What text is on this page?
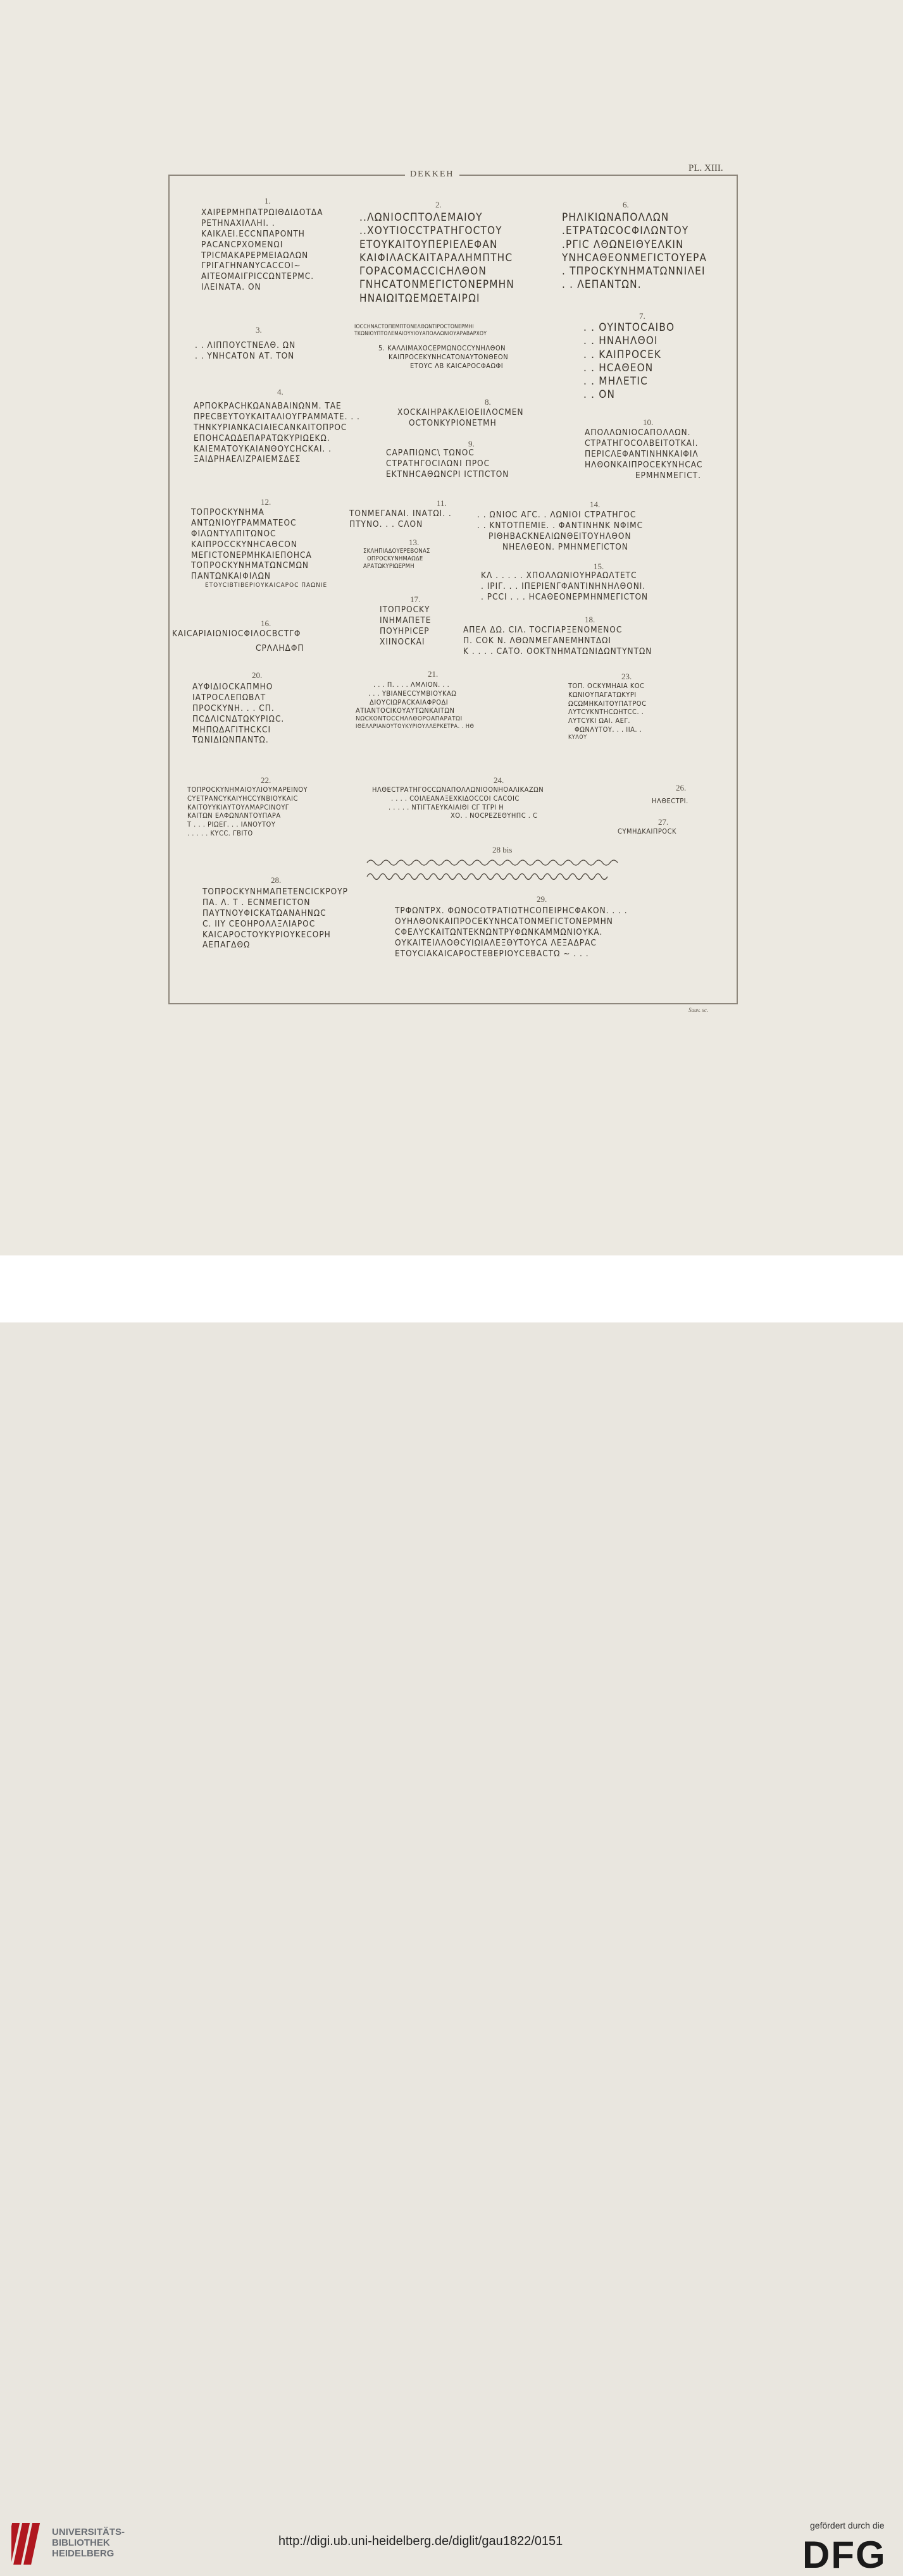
DEKKEH
PL. XIII.
1.
ΧΑΙΡΕΡΜΗΠΑΤΡΩΙΘΔΙΔΟΤΔΑ
ΡΕΤΗΝΑΧΙΛΛΗΙ. .
ΚΑΙΚΛΕΙ.ΕCCΝΠΑΡΟΝΤΗ
ΡΑCΑΝCΡΧΟΜΕΝΩΙ
ΤΡΙCΜΑΚΑΡΕΡΜΕΙΑΩΛΩΝ
ΓΡΙΓΑΓΗΝΑΝΥCΑCCΟΙ~
ΑΙΤΕΟΜΑΙΓΡΙCCΩΝΤΕΡΜC.
ΙΛΕΙΝΑΤΑ. ΟΝ
2.
..ΛΩΝΙΟCΠΤΟΛΕΜΑΙΟΥ
..ΧΟΥΤΙΟCCΤΡΑΤΗΓΟCΤΟΥ
ΕΤΟΥΚΑΙΤΟΥΠΕΡΙΕΛΕΦΑΝ
ΚΑΙΦΙΛΑCΚΑΙΤΑΡΑΛΗΜΠΤΗC
ΓΟΡΑCΟΜΑCCΙCΗΛΘΟΝ
ΓΝΗCΑΤΟΝΜΕΓΙCΤΟΝΕΡΜΗΝ
ΗΝΑΙΩΙΤΩΕΜΩΕΤΑΙΡΩΙ
ΙΟCCΗΝΑCΤΟΠΕΜΠΤΟΝΕΛΘΩΝΤΙΡΟCΤΟΝΕΡΜΗΙ
ΤΚΩΝΙΟΥΠΤΟΛΕΜΑΙΟΥΥΙΟΥΑΠΟΛΛΩΝΙΟΥΑΡΑΒΑΡΧΟΥ
3.
. . ΛΙΠΠΟΥCΤΝΕΛΘ. ΩΝ
. . ΥΝΗCΑΤΟΝ ΑΤ. ΤΟΝ
5. ΚΑΛΛΙΜΑΧΟCΕΡΜΩΝΟCCΥΝΗΛΘΟΝ
ΚΑΙΠΡΟCΕΚΥΝΗCΑΤΟΝΑΥΤΟΝΘΕΟΝ
ΕΤΟΥC ΛΒ ΚΑΙCΑΡΟCΦΑΩΦΙ
6.
ΡΗΛΙΚΙΩΝΑΠΟΛΛΩΝ
.ΕΤΡΑΤΩCΟCΦΙΛΩΝΤΟΥ
.ΡΓΙC ΛΘΩΝΕΙΘΥΕΛΚΙΝ
ΥΝΗCΑΘΕΟΝΜΕΓΙCΤΟΥΕΡΑ
. ΤΠΡΟCΚΥΝΗΜΑΤΩΝΝΙΛΕΙ
. . ΛΕΠΑΝΤΩΝ.
7.
. . ΟΥΙΝΤΟCΑΙΒΟ
. . ΗΝΑΗΛΘΟΙ
. . ΚΑΙΠΡΟCΕΚ
. . ΗCΑΘΕΟΝ
. . ΜΗΛΕΤΙC
. . ΟΝ
4.
ΑΡΠΟΚΡΑCΗΚΩΑΝΑΒΑΙΝΩΝΜ. ΤΑΕ
ΠΡΕCΒΕΥΤΟΥΚΑΙΤΑΛΙΟΥΓΡΑΜΜΑΤΕ. . .
ΤΗΝΚΥΡΙΑΝΚΑCΙΑΙΕCΑΝΚΑΙΤΟΠΡΟC
ΕΠΟΗCΑΩΔΕΠΑΡΑΤΩΚΥΡΙΩΕΚΩ.
ΚΑΙΕΜΑΤΟΥΚΑΙΑΝΘΟΥCΗCΚΑΙ. .
ΞΑΙΔΡΗΑΕΛΙΖΡΑΙΕΜΣΔΕΣ
8.
ΧΟCΚΑΙΗΡΑΚΛΕΙΟΕΙΙΛΟCΜΕΝ
ΟCΤΟΝΚΥΡΙΟΝΕΤΜΗ
9.
CΑΡΑΠΙΩΝC\ ΤΩΝΟC
CΤΡΑΤΗΓΟCΙΛΩΝΙ ΠΡΟC
ΕΚΤΝΗCΑΘΩΝCΡΙ ΙCΤΠCΤΟΝ
10.
ΑΠΟΛΛΩΝΙΟCΑΠΟΛΛΩΝ.
CΤΡΑΤΗΓΟCΟΛΒΕΙΤΟΤΚΑΙ.
ΠΕΡΙCΛΕΦΑΝΤΙΝΗΝΚΑΙΦΙΛ
ΗΛΘΟΝΚΑΙΠΡΟCΕΚΥΝΗCΑC
ΕΡΜΗΝΜΕΓΙCΤ.
11.
ΤΟΝΜΕΓΑΝΑΙ. ΙΝΑΤΩΙ. .
ΠΤΥΝΟ. . . CΛΟΝ
12.
ΤΟΠΡΟCΚΥΝΗΜΑ
ΑΝΤΩΝΙΟΥΓΡΑΜΜΑΤΕΟC
ΦΙΛΩΝΤΥΛΠΙΤΩΝΟC
ΚΑΙΠΡΟCCΚΥΝΗCΑΘCΟΝ
ΜΕΓΙCΤΟΝΕΡΜΗΚΑΙΕΠΟΗCΑ
ΤΟΠΡΟCΚΥΝΗΜΑΤΩΝCΜΩΝ
ΠΑΝΤΩΝΚΑΙΦΙΛΩΝ
ΕΤΟΥCΙΒΤΙΒΕΡΙΟΥΚΑΙCΑΡΟC ΠΑΩΝΙΕ
13.
ΣΚΛΗΠΙΑΔΟΥΕΡΕΒΟΝΑΣ
ΟΠΡΟCΚΥΝΗΜΑΩΔΕ
ΑΡΑΤΩΚΥΡΙΩΕΡΜΗ
14.
. . ΩΝΙΟC ΑΓC. . ΛΩΝΙΟΙ CΤΡΑΤΗΓΟC
. . ΚΝΤΟΤΠΕΜΙΕ. . ΦΑΝΤΙΝΗΝΚ ΝΦΙΜC
ΡΙΘΗΒΑCΚΝΕΛΙΩΝΘΕΙΤΟΥΗΛΘΟΝ
ΝΗΕΛΘΕΟΝ. ΡΜΗΝΜΕΓΙCΤΟΝ
15.
ΚΛ . . . . . ΧΠΟΛΛΩΝΙΟΥΗΡΑΩΛΤΕΤC
. ΙΡΙΓ. . . ΙΠΕΡΙΕΝΓΦΑΝΤΙΝΗΝΗΛΘΟΝΙ.
. ΡCCΙ . . . ΗCΑΘΕΟΝΕΡΜΗΝΜΕΓΙCΤΟΝ
16.
ΚΑΙCΑΡΙΑΙΩΝΙΟCΦΙΛΟCΒCΤΓΦ
CΡΛΛΗΔΦΠ
17.
ΙΤΟΠΡΟCΚΥ
ΙΝΗΜΑΠΕΤΕ
ΠΟΥΗΡΙCΕΡ
ΧΙΙΝΟCΚΑΙ
18.
ΑΠΕΛ ΔΩ. CΙΛ. ΤΟCΓΙΑΡΞΕΝΟΜΕΝΟC
Π. COK Ν. ΛΘΩΝΜΕΓΑΝΕΜΗΝΤΔΩΙ
Κ . . . . CΑΤΟ. ΟΟΚΤΝΗΜΑΤΩΝΙΔΩΝΤΥΝΤΩΝ
20.
ΑΥΦΙΔΙΟCΚΑΠΜΗΟ
ΙΑΤΡΟCΛΕΠΩΒΛΤ
ΠΡΟCΚΥΝΗ. . . CΠ.
ΠCΔΛΙCΝΔΤΩΚΥΡΙΩC.
ΜΗΠΩΔΑΓΙΤΗCΚCΙ
ΤΩΝΙΔΙΩΝΠΑΝΤΩ.
21.
. . . Π. . . . ΛΜΛΙΟΝ. . .
. . . ΥΒΙΑΝΕCCΥΜΒΙΟΥΚΑΩ
ΔΙΟΥCΙΩΡΑCΚΑΙΑΦΡΟΔΙ
ΑΤΙΑΝΤΟCΙΚΟΥΑΥΤΩΝΚΑΙΤΩΝ
ΝΩCΚΟΝΤΟCCΗΛΛΘΟΡΟΑΠΑΡΑΤΩΙ
ΙΘΕΛΛΡΙΑΝΟΥΤΟΥΚΥΡΙΟΥΛΛΕΡΚΕΤΡΑ. . ΗΘ
23.
ΤΟΠ. ΟCΚΥΜΗΑΙΑ ΚΟC
ΚΩΝΙΟΥΠΑΓΑΤΩΚΥΡΙ
ΩCΩΜΗΚΑΙΤΟΥΠΑΤΡΟC
ΛΥΤCΥΚΝΤΗCΩΗΤCC. .
ΛΥΤCΥΚΙ ΩΑΙ. ΑΕΓ.
ΦΩΝΛΥΤΟΥ. . . ΙΙΑ. .
ΚΥΛΟΥ
22.
ΤΟΠΡΟCΚΥΝΗΜΑΙΟΥΛΙΟΥΜΑΡΕΙΝΟΥ
CΥΕΤΡΑΝCΥΚΑΙΥΗCCΥΝΒΙΟΥΚΑΙC
ΚΑΙΤΟΥΥΚΙΑΥΤΟΥΛΜΑΡCΙΝΟΥΓ
ΚΑΙΤΩΝ ΕΛΦΩΝΛΝΤΟΥΠΑΡΑ
Τ . . . ΡΙΩΕΓ. . . ΙΑΝΟΥΤΟΥ
. . . . . ΚΥCC. ΓΒΙΤΟ
24.
ΗΛΘΕCΤΡΑΤΗΓΟCCΩΝΑΠΟΛΛΩΝΙΟΟΝΗΟΑΛΙΚΑΖΩΝ
. . . . CΟΙΛΕΑΝΑΞΕΧΚΙΔΟCCΟΙ CΑCΟΙC
. . . . . ΝΤΙΓΤΑΕΥΚΑΙΑΙΘΙ CΓ ΤΓΡΙ Η
ΧΟ. . ΝΟCΡΕΖΕΘΥΗΠC . C
26.
ΗΛΘΕCΤΡΙ.
27.
CΥΜΗΔΚΑΙΠΡΟCΚ
28 bis
28.
ΤΟΠΡΟCΚΥΝΗΜΑΠΕΤΕΝCΙCΚΡΟΥΡ
ΠΑ. Λ. Τ . ΕCΝΜΕΓΙCΤΟΝ
ΠΑΥΤΝΟΥΦΙCΚΑΤΩΑΝΑΗΝΩC
C. ΙΙΥ CΕΟΗΡΟΛΛΞΛΙΑΡΟC
ΚΑΙCΑΡΟCΤΟΥΚΥΡΙΟΥΚΕCΟΡΗ
ΑΕΠΑΓΔΘΩ
29.
ΤΡΦΩΝΤΡΧ. ΦΩΝΟCΟΤΡΑΤΙΩΤΗCΟΠΕΙΡΗCΦΑΚΟΝ. . . .
ΟΥΗΛΘΟΝΚΑΙΠΡΟCΕΚΥΝΗCΑΤΟΝΜΕΓΙCΤΟΝΕΡΜΗΝ
CΦΕΛΥCΚΑΙΤΩΝΤΕΚΝΩΝΤΡΥΦΩΝΚΑΜΜΩΝΙΟΥΚΑ.
ΟΥΚΑΙΤΕΙΛΛΟΘCΥΙΩΙΑΛΕΞΘΥΤΟΥCΑ ΛΕΞΑΔΡΑC
ΕΤΟΥCΙΑΚΑΙCΑΡΟCΤΕΒΕΡΙΟΥCΕΒΑCΤΩ ~ . . .
Sauv. sc.
UNIVERSITÄTS-
BIBLIOTHEK
HEIDELBERG
http://digi.ub.uni-heidelberg.de/diglit/gau1822/0151
gefördert durch die
DFG
